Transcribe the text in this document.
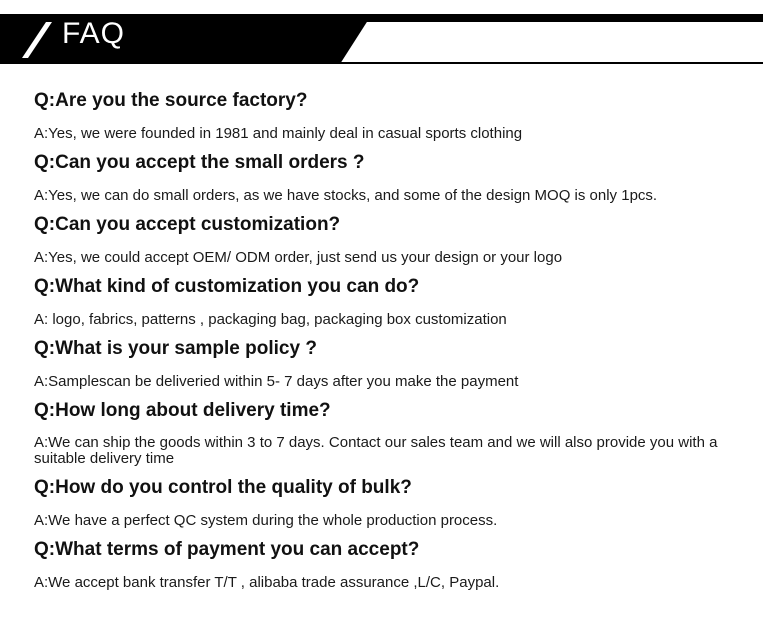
FAQ
Q:Are you the source factory?
A:Yes, we were founded in 1981 and mainly deal in casual sports clothing
Q:Can you accept the small orders ?
A:Yes, we can do small orders, as we have stocks, and some of the design MOQ is only 1pcs.
Q:Can you accept customization?
A:Yes, we could accept OEM/ ODM order, just send us your design or your logo
Q:What kind of customization you can do?
A: logo, fabrics, patterns , packaging bag, packaging box customization
Q:What is your sample policy ?
A:Samplescan be deliveried within 5- 7 days after you make the payment
Q:How long about delivery time?
A:We can ship the goods within 3 to 7 days. Contact our sales team and we will also provide you with a suitable delivery time
Q:How do you control the quality of bulk?
A:We have a perfect QC system during the whole production process.
Q:What terms of payment you can accept?
A:We accept bank transfer T/T , alibaba trade assurance ,L/C, Paypal.
